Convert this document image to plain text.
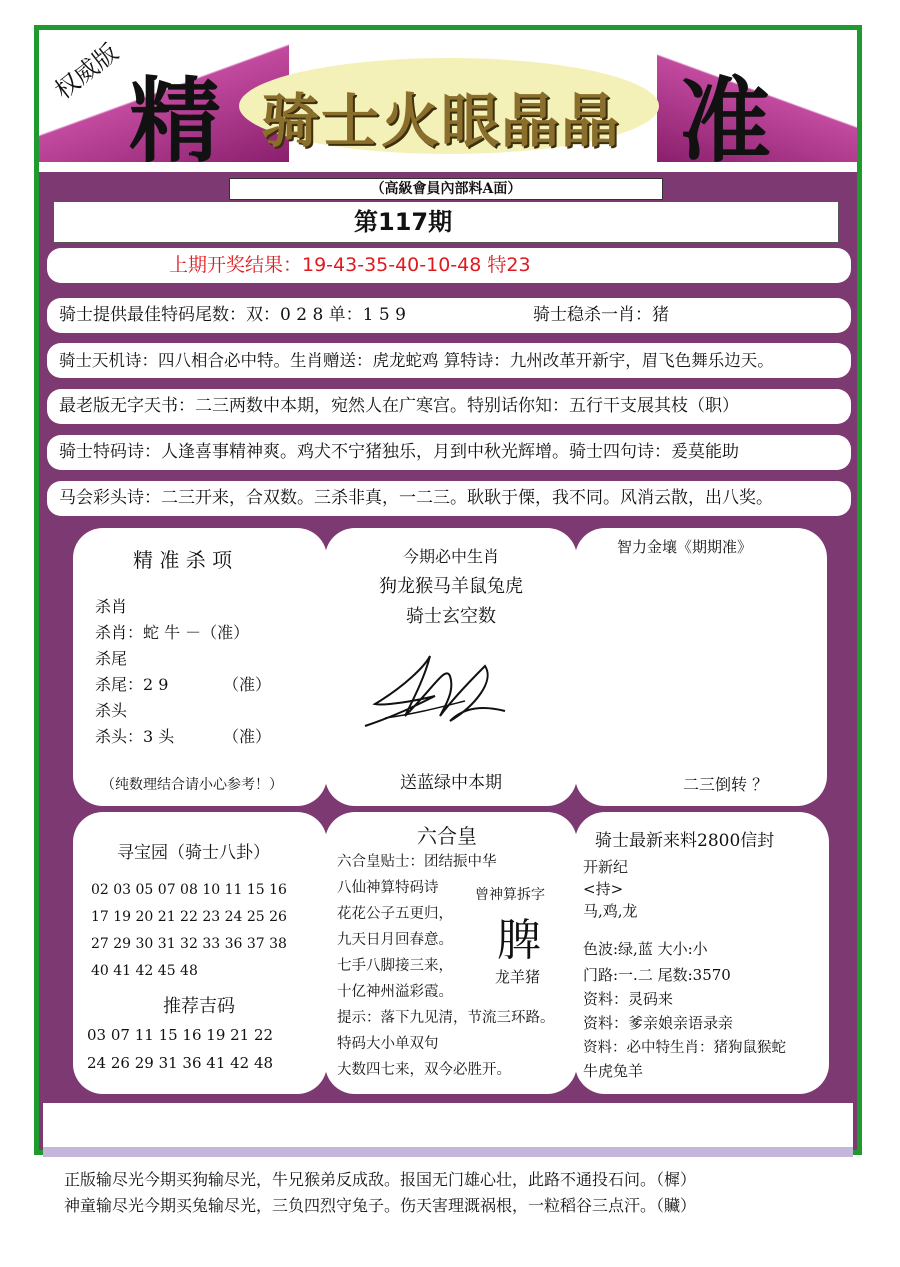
权威版 精 骑士火眼晶晶 准
（高級會員內部料A面）
第117期
上期开奖结果：19-43-35-40-10-48 特23
骑士提供最佳特码尾数：双：0 2 8 单：1 5 9	骑士稳杀一肖：猪
骑士天机诗：四八相合必中特。生肖赠送：虎龙蛇鸡 算特诗：九州改革开新宇，眉飞色舞乐边天。
最老版无字天书：二三两数中本期，宛然人在广寒宫。特别话你知：五行干支展其枝（职）
骑士特码诗：人逢喜事精神爽。鸡犬不宁猪独乐，月到中秋光辉增。骑士四句诗：爰莫能助
马会彩头诗：二三开来，合双数。三杀非真，一二三。耿耿于傈，我不同。风消云散，出八奖。
精 准 杀 项
杀肖
杀肖：蛇 牛 －（准）
杀尾
杀尾：2 9	（准）
杀头
杀头：3 头	（准）
（纯数理结合请小心参考！）
今期必中生肖
狗龙猴马羊鼠兔虎
骑士玄空数
送蓝绿中本期
智力金壤《期期准》
二三倒转 ？
寻宝园（骑士八卦）
02 03 05 07 08 10 11 15 16
17 19 20 21 22 23 24 25 26
27 29 30 31 32 33 36 37 38
40 41 42 45 48
推荐吉码
03 07 11 15 16 19 21 22
24 26 29 31 36 41 42 48
六合皇
六合皇贴士：团结振中华
八仙神算特码诗
花花公子五更归，
九天日月回春意。
七手八脚接三来，
十亿神州溢彩霞。
提示：落下九见清，节流三环路。
特码大小单双句
大数四七来，双今必胜开。
曾神算拆字
脾
龙羊猪
骑士最新来料2800信封
开新纪
<持>
马,鸡,龙
色波:绿,蓝 大小:小
门路:一.二 尾数:3570
资料：灵码来
资料：爹亲娘亲语录亲
资料：必中特生肖：猪狗鼠猴蛇
牛虎兔羊
正版输尽光今期买狗输尽光，牛兄猴弟反成敌。报国无门雄心壮，此路不通投石问。（樨）
神童输尽光今期买兔输尽光，三负四烈守兔子。伤天害理溉祸根，一粒稻谷三点汗。（贜）
